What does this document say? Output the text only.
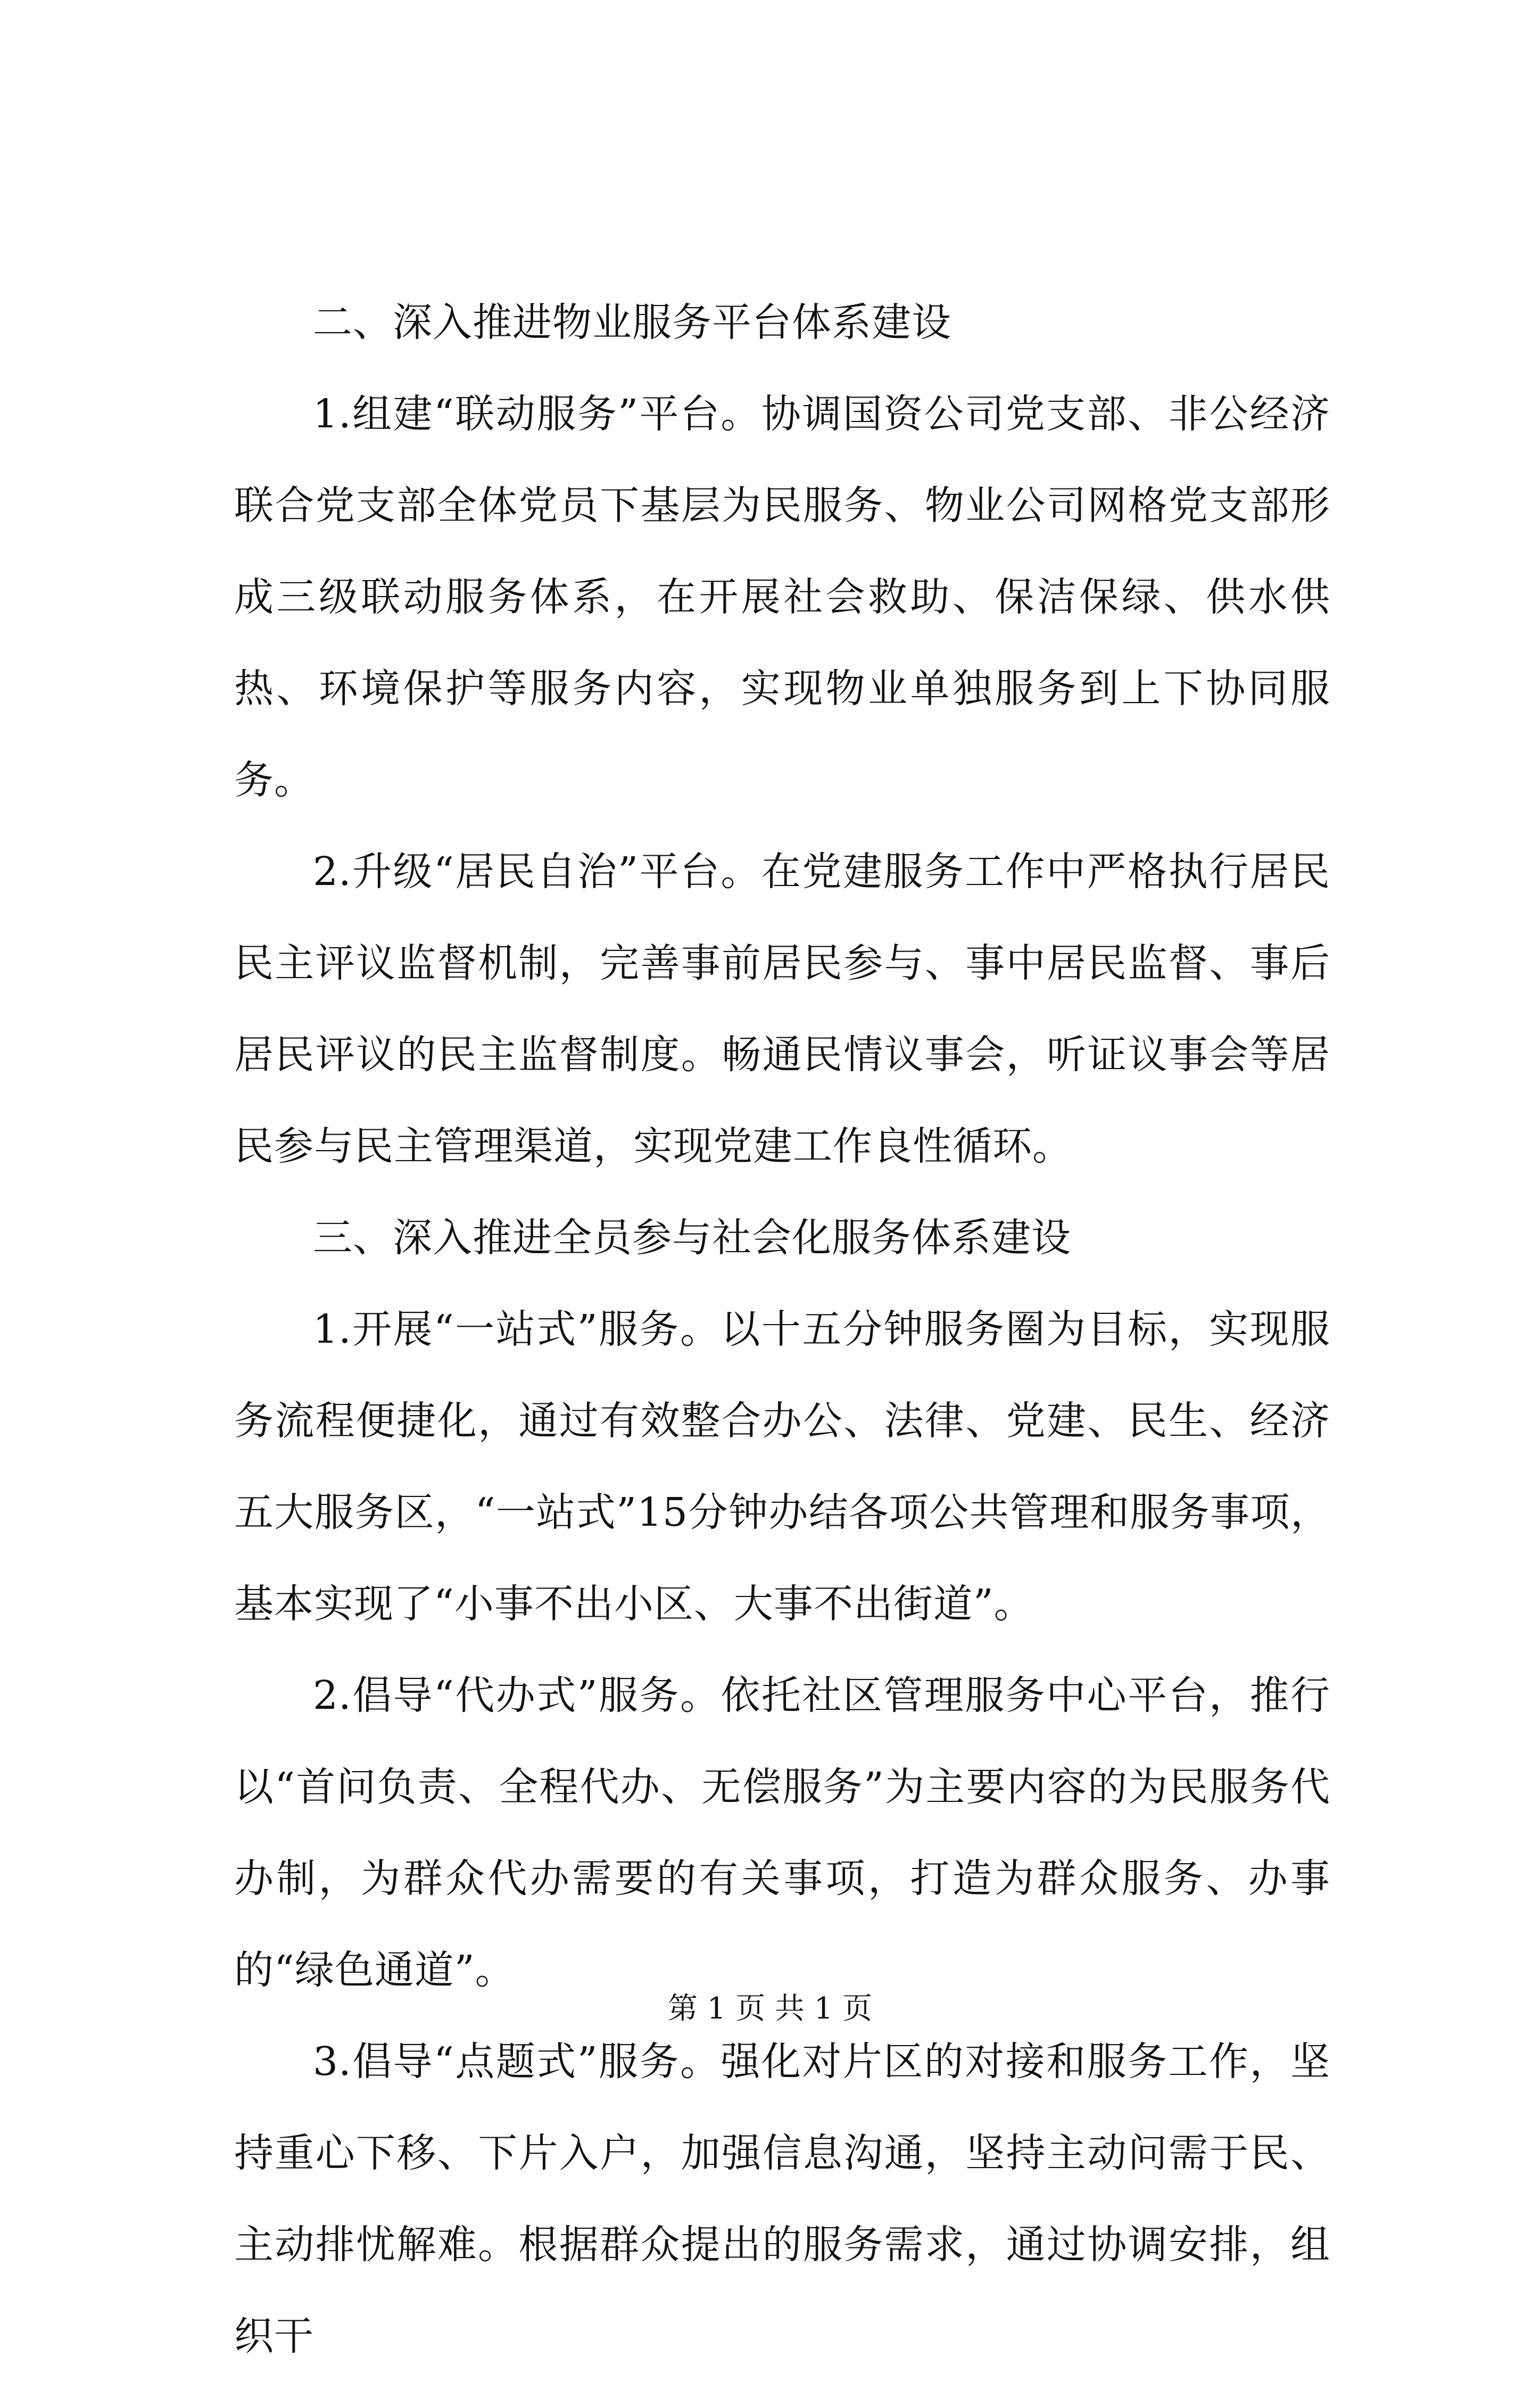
二、深入推进物业服务平台体系建设

1.组建“联动服务”平台。协调国资公司党支部、非公经济联合党支部全体党员下基层为民服务、物业公司网格党支部形成三级联动服务体系，在开展社会救助、保洁保绿、供水供热、环境保护等服务内容，实现物业单独服务到上下协同服务。

2.升级“居民自治”平台。在党建服务工作中严格执行居民民主评议监督机制，完善事前居民参与、事中居民监督、事后居民评议的民主监督制度。畅通民情议事会，听证议事会等居民参与民主管理渠道，实现党建工作良性循环。

三、深入推进全员参与社会化服务体系建设

1.开展“一站式”服务。以十五分钟服务圈为目标，实现服务流程便捷化，通过有效整合办公、法律、党建、民生、经济五大服务区，“一站式”15分钟办结各项公共管理和服务事项，基本实现了“小事不出小区、大事不出街道”。

2.倡导“代办式”服务。依托社区管理服务中心平台，推行以“首问负责、全程代办、无偿服务”为主要内容的为民服务代办制，为群众代办需要的有关事项，打造为群众服务、办事的“绿色通道”。

3.倡导“点题式”服务。强化对片区的对接和服务工作，坚持重心下移、下片入户，加强信息沟通，坚持主动问需于民、主动排忧解难。根据群众提出的服务需求，通过协调安排，组织干

第 1 页 共 1 页
